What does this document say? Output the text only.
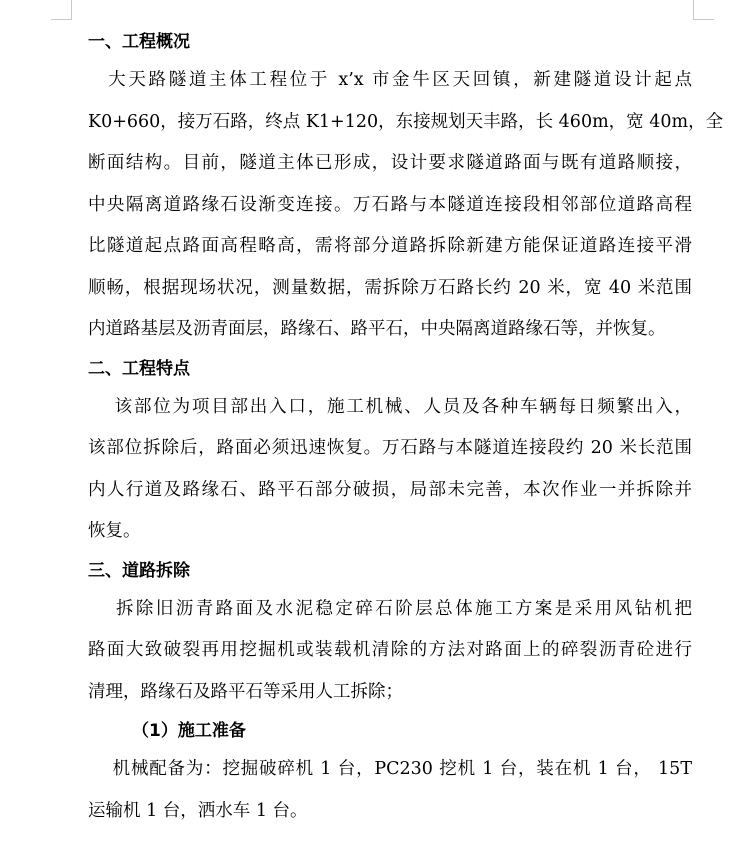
一、工程概况
　大天路隧道主体工程位于 x’x 市金牛区天回镇，新建隧道设计起点
K0+660，接万石路，终点 K1+120，东接规划天丰路，长 460m，宽 40m，全
断面结构。目前，隧道主体已形成，设计要求隧道路面与既有道路顺接，
中央隔离道路缘石设渐变连接。万石路与本隧道连接段相邻部位道路高程
比隧道起点路面高程略高，需将部分道路拆除新建方能保证道路连接平滑
顺畅，根据现场状况，测量数据，需拆除万石路长约 20 米，宽 40 米范围
内道路基层及沥青面层，路缘石、路平石，中央隔离道路缘石等，并恢复。
二、工程特点
　 该部位为项目部出入口，施工机械、人员及各种车辆每日频繁出入，
该部位拆除后，路面必须迅速恢复。万石路与本隧道连接段约 20 米长范围
内人行道及路缘石、路平石部分破损，局部未完善，本次作业一并拆除并
恢复。
三、道路拆除
　 拆除旧沥青路面及水泥稳定碎石阶层总体施工方案是采用风钻机把
路面大致破裂再用挖掘机或装载机清除的方法对路面上的碎裂沥青砼进行
清理，路缘石及路平石等采用人工拆除；
（1）施工准备
　 机械配备为：挖掘破碎机 1 台，PC230 挖机 1 台，装在机 1 台， 15T
运输机 1 台，洒水车 1 台。
